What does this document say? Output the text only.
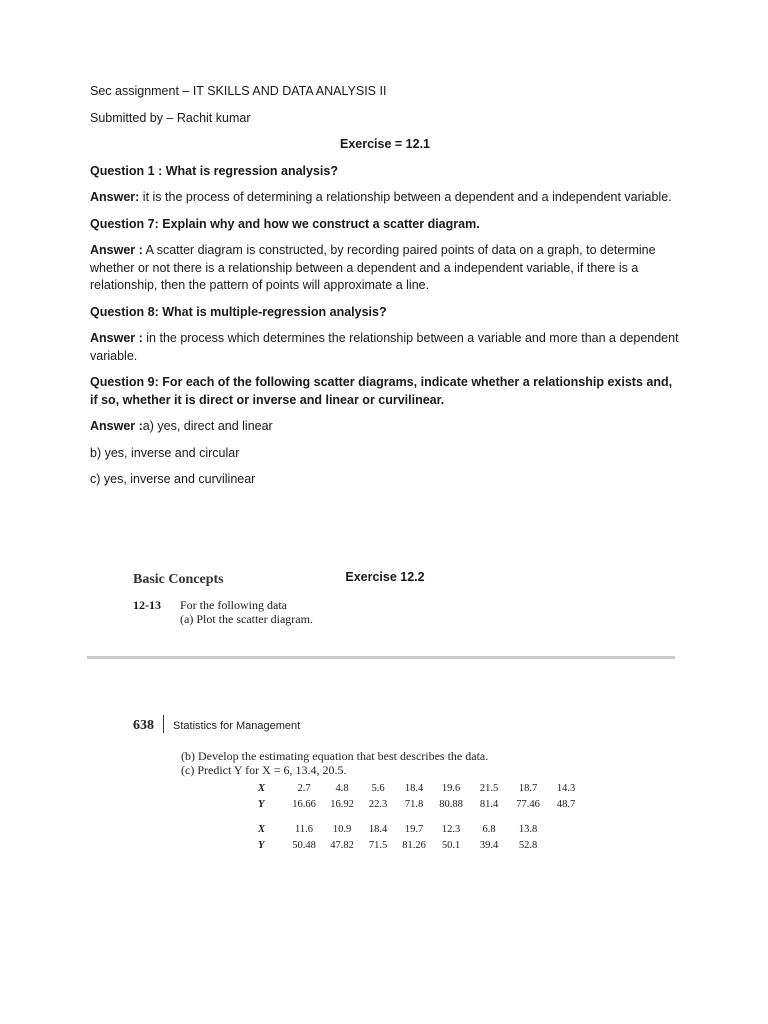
Sec assignment – IT SKILLS AND DATA ANALYSIS II

Submitted by – Rachit kumar

Exercise = 12.1

Question 1 : What is regression analysis?

Answer: it is the process of determining a relationship between a dependent and a independent variable.

Question 7: Explain why and how we construct a scatter diagram.

Answer : A scatter diagram is constructed, by recording paired points of data on a graph, to determine whether or not there is a relationship between a dependent and a independent variable, if there is a relationship, then the pattern of points will approximate a line.

Question 8: What is multiple-regression analysis?

Answer : in the process which determines the relationship between a variable and more than a dependent variable.

Question 9: For each of the following scatter diagrams, indicate whether a relationship exists and, if so, whether it is direct or inverse and linear or curvilinear.

Answer :a) yes, direct and linear

b) yes, inverse and circular

c) yes, inverse and curvilinear

Exercise 12.2
Basic Concepts
12-13 For the following data
(a) Plot the scatter diagram.
638 Statistics for Management
(b) Develop the estimating equation that best describes the data.
(c) Predict Y for X = 6, 13.4, 20.5.
X	2.7	4.8	5.6	18.4	19.6	21.5	18.7	14.3
Y	16.66	16.92	22.3	71.8	80.88	81.4	77.46	48.7
X	11.6	10.9	18.4	19.7	12.3	6.8	13.8
Y	50.48	47.82	71.5	81.26	50.1	39.4	52.8
